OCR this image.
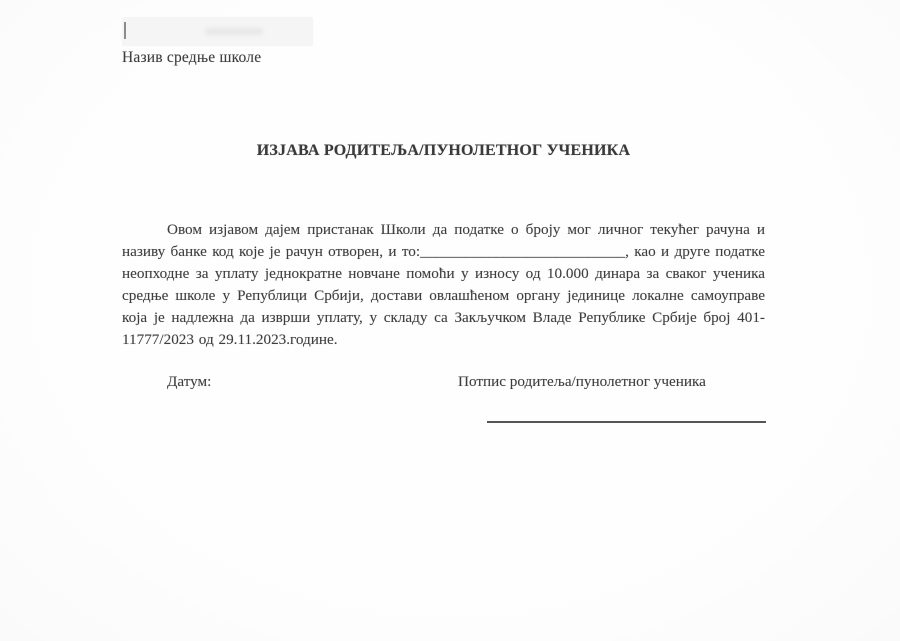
Назив средње школе
ИЗЈАВА РОДИТЕЉА/ПУНОЛЕТНОГ УЧЕНИКА

Овом изјавом дајем пристанак Школи да податке о броју мог личног текућег рачуна и називу банке код које је рачун отворен, и то:___________________________, као и друге податке неопходне за уплату једнократне новчане помоћи у износу од 10.000 динара за сваког ученика средње школе у Републици Србији, достави овлашћеном органу јединице локалне самоуправе која је надлежна да изврши уплату, у складу са Закључком Владе Републике Србије број 401-11777/2023 од 29.11.2023.године.

Датум:	Потпис родитеља/пунолетног ученика
